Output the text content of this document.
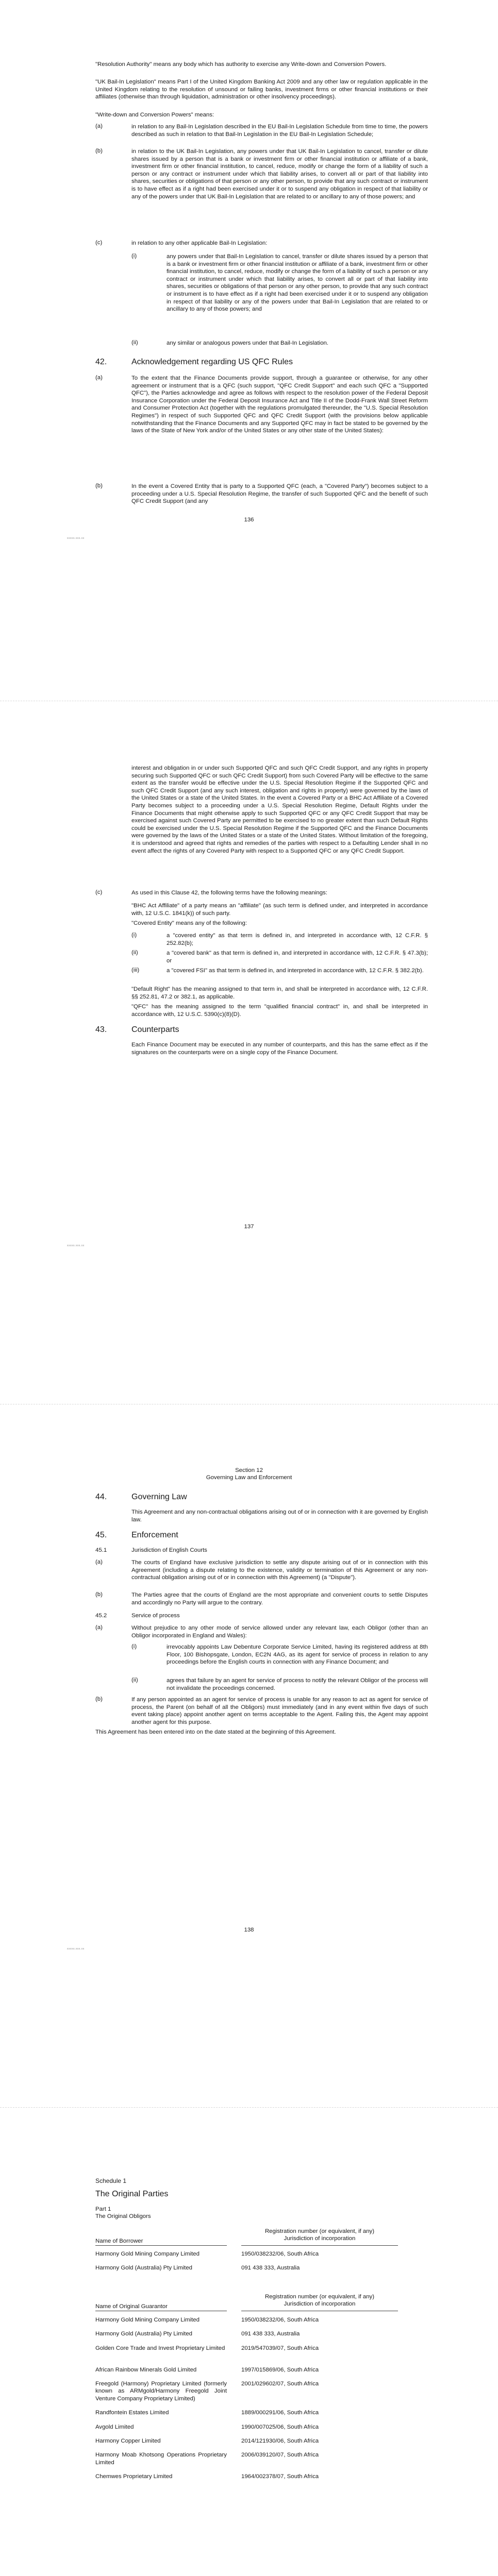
"Resolution Authority" means any body which has authority to exercise any Write-down and Conversion Powers.
"UK Bail-In Legislation" means Part I of the United Kingdom Banking Act 2009 and any other law or regulation applicable in the United Kingdom relating to the resolution of unsound or failing banks, investment firms or other financial institutions or their affiliates (otherwise than through liquidation, administration or other insolvency proceedings).
"Write-down and Conversion Powers" means:
(a)	in relation to any Bail-In Legislation described in the EU Bail-In Legislation Schedule from time to time, the powers described as such in relation to that Bail-In Legislation in the EU Bail-In Legislation Schedule;
(b)	in relation to the UK Bail-In Legislation, any powers under that UK Bail-In Legislation to cancel, transfer or dilute shares issued by a person that is a bank or investment firm or other financial institution or affiliate of a bank, investment firm or other financial institution, to cancel, reduce, modify or change the form of a liability of such a person or any contract or instrument under which that liability arises, to convert all or part of that liability into shares, securities or obligations of that person or any other person, to provide that any such contract or instrument is to have effect as if a right had been exercised under it or to suspend any obligation in respect of that liability or any of the powers under that UK Bail-In Legislation that are related to or ancillary to any of those powers; and
(c)	in relation to any other applicable Bail-In Legislation:
(i)	any powers under that Bail-In Legislation to cancel, transfer or dilute shares issued by a person that is a bank or investment firm or other financial institution or affiliate of a bank, investment firm or other financial institution, to cancel, reduce, modify or change the form of a liability of such a person or any contract or instrument under which that liability arises, to convert all or part of that liability into shares, securities or obligations of that person or any other person, to provide that any such contract or instrument is to have effect as if a right had been exercised under it or to suspend any obligation in respect of that liability or any of the powers under that Bail-In Legislation that are related to or ancillary to any of those powers; and
(ii)	any similar or analogous powers under that Bail-In Legislation.
42.	Acknowledgement regarding US QFC Rules
(a)	To the extent that the Finance Documents provide support, through a guarantee or otherwise, for any other agreement or instrument that is a QFC (such support, "QFC Credit Support" and each such QFC a "Supported QFC"), the Parties acknowledge and agree as follows with respect to the resolution power of the Federal Deposit Insurance Corporation under the Federal Deposit Insurance Act and Title II of the Dodd-Frank Wall Street Reform and Consumer Protection Act (together with the regulations promulgated thereunder, the "U.S. Special Resolution Regimes") in respect of such Supported QFC and QFC Credit Support (with the provisions below applicable notwithstanding that the Finance Documents and any Supported QFC may in fact be stated to be governed by the laws of the State of New York and/or of the United States or any other state of the United States):
(b)	In the event a Covered Entity that is party to a Supported QFC (each, a "Covered Party") becomes subject to a proceeding under a U.S. Special Resolution Regime, the transfer of such Supported QFC and the benefit of such QFC Credit Support (and any
136
xxxxx.xxx.xx
interest and obligation in or under such Supported QFC and such QFC Credit Support, and any rights in property securing such Supported QFC or such QFC Credit Support) from such Covered Party will be effective to the same extent as the transfer would be effective under the U.S. Special Resolution Regime if the Supported QFC and such QFC Credit Support (and any such interest, obligation and rights in property) were governed by the laws of the United States or a state of the United States. In the event a Covered Party or a BHC Act Affiliate of a Covered Party becomes subject to a proceeding under a U.S. Special Resolution Regime, Default Rights under the Finance Documents that might otherwise apply to such Supported QFC or any QFC Credit Support that may be exercised against such Covered Party are permitted to be exercised to no greater extent than such Default Rights could be exercised under the U.S. Special Resolution Regime if the Supported QFC and the Finance Documents were governed by the laws of the United States or a state of the United States. Without limitation of the foregoing, it is understood and agreed that rights and remedies of the parties with respect to a Defaulting Lender shall in no event affect the rights of any Covered Party with respect to a Supported QFC or any QFC Credit Support.
(c)	As used in this Clause 42, the following terms have the following meanings:
"BHC Act Affiliate" of a party means an "affiliate" (as such term is defined under, and interpreted in accordance with, 12 U.S.C. 1841(k)) of such party.
"Covered Entity" means any of the following:
(i)	a "covered entity" as that term is defined in, and interpreted in accordance with, 12 C.F.R. § 252.82(b);
(ii)	a "covered bank" as that term is defined in, and interpreted in accordance with, 12 C.F.R. § 47.3(b); or
(iii)	a "covered FSI" as that term is defined in, and interpreted in accordance with, 12 C.F.R. § 382.2(b).
"Default Right" has the meaning assigned to that term in, and shall be interpreted in accordance with, 12 C.F.R. §§ 252.81, 47.2 or 382.1, as applicable.
"QFC" has the meaning assigned to the term "qualified financial contract" in, and shall be interpreted in accordance with, 12 U.S.C. 5390(c)(8)(D).
43.	Counterparts
Each Finance Document may be executed in any number of counterparts, and this has the same effect as if the signatures on the counterparts were on a single copy of the Finance Document.
137
xxxxx.xxx.xx
Section 12
Governing Law and Enforcement
44.	Governing Law
This Agreement and any non-contractual obligations arising out of or in connection with it are governed by English law.
45.	Enforcement
45.1	Jurisdiction of English Courts
(a)	The courts of England have exclusive jurisdiction to settle any dispute arising out of or in connection with this Agreement (including a dispute relating to the existence, validity or termination of this Agreement or any non-contractual obligation arising out of or in connection with this Agreement) (a "Dispute").
(b)	The Parties agree that the courts of England are the most appropriate and convenient courts to settle Disputes and accordingly no Party will argue to the contrary.
45.2	Service of process
(a)	Without prejudice to any other mode of service allowed under any relevant law, each Obligor (other than an Obligor incorporated in England and Wales):
(i)	irrevocably appoints Law Debenture Corporate Service Limited, having its registered address at 8th Floor, 100 Bishopsgate, London, EC2N 4AG, as its agent for service of process in relation to any proceedings before the English courts in connection with any Finance Document; and
(ii)	agrees that failure by an agent for service of process to notify the relevant Obligor of the process will not invalidate the proceedings concerned.
(b)	If any person appointed as an agent for service of process is unable for any reason to act as agent for service of process, the Parent (on behalf of all the Obligors) must immediately (and in any event within five days of such event taking place) appoint another agent on terms acceptable to the Agent. Failing this, the Agent may appoint another agent for this purpose.
This Agreement has been entered into on the date stated at the beginning of this Agreement.
138
xxxxx.xxx.xx
Schedule 1
The Original Parties
Part 1
The Original Obligors
Name of Borrower
Registration number (or equivalent, if any)
Jurisdiction of incorporation
Harmony Gold Mining Company Limited	1950/038232/06, South Africa
Harmony Gold (Australia) Pty Limited	091 438 333, Australia
Name of Original Guarantor
Registration number (or equivalent, if any)
Jurisdiction of incorporation
Harmony Gold Mining Company Limited	1950/038232/06, South Africa
Harmony Gold (Australia) Pty Limited	091 438 333, Australia
Golden Core Trade and Invest Proprietary Limited	2019/547039/07, South Africa
African Rainbow Minerals Gold Limited	1997/015869/06, South Africa
Freegold (Harmony) Proprietary Limited (formerly known as ARMgold/Harmony Freegold Joint Venture Company Proprietary Limited)
2001/029602/07, South Africa
Randfontein Estates Limited	1889/000291/06, South Africa
Avgold Limited	1990/007025/06, South Africa
Harmony Copper Limited	2014/121930/06, South Africa
Harmony Moab Khotsong Operations Proprietary Limited
2006/039120/07, South Africa
Chemwes Proprietary Limited	1964/002378/07, South Africa
